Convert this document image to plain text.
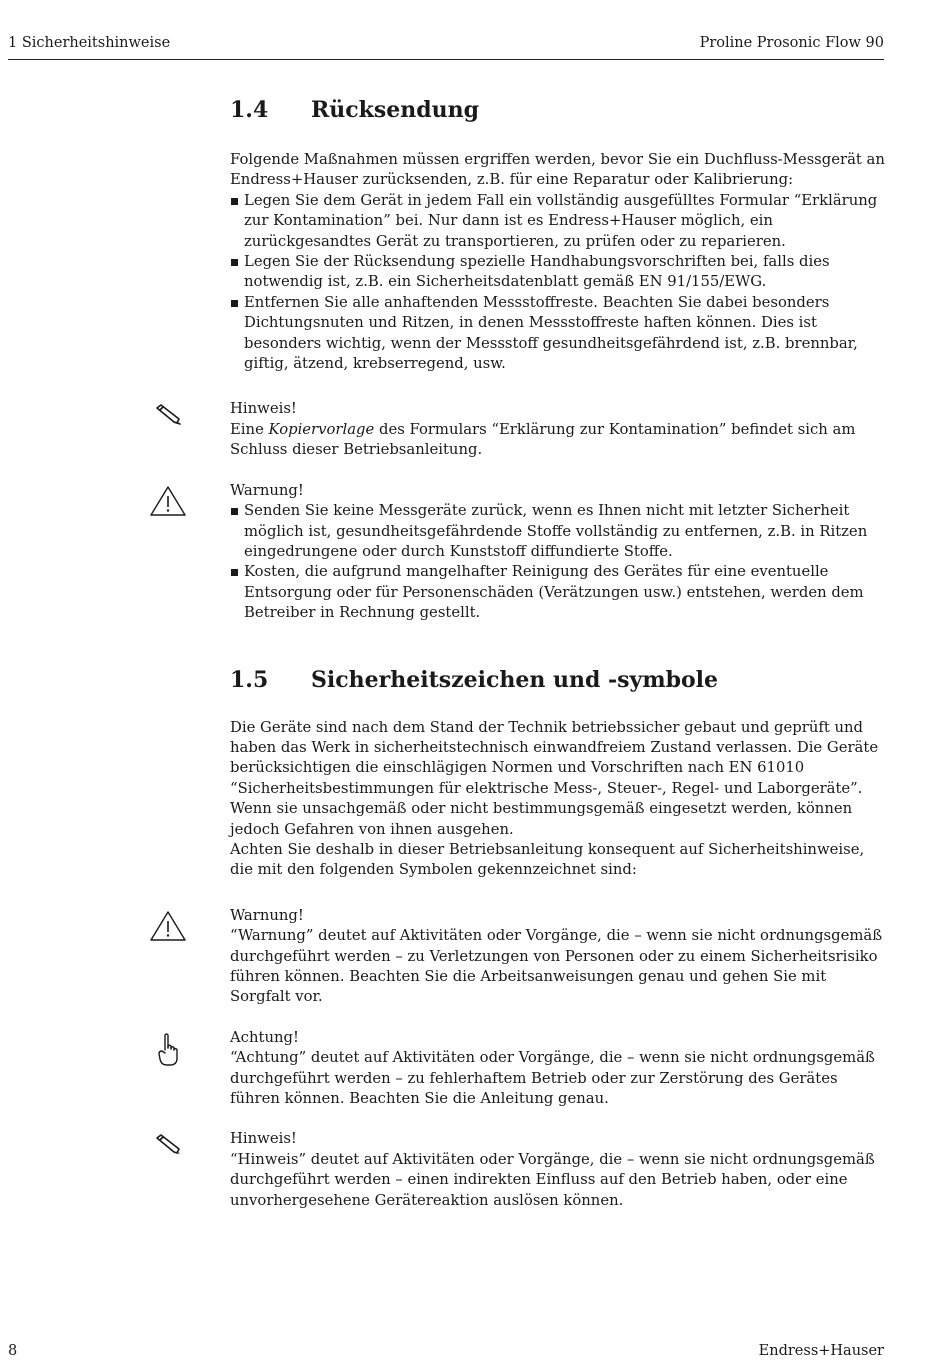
1 Sicherheitshinweise	Proline Prosonic Flow 90
1.4	Rücksendung

Folgende Maßnahmen müssen ergriffen werden, bevor Sie ein Duchfluss-Messgerät an Endress+Hauser zurücksenden, z.B. für eine Reparatur oder Kalibrierung:

Legen Sie dem Gerät in jedem Fall ein vollständig ausgefülltes Formular “Erklärung zur Kontamination” bei. Nur dann ist es Endress+Hauser möglich, ein zurückgesandtes Gerät zu transportieren, zu prüfen oder zu reparieren.
Legen Sie der Rücksendung spezielle Handhabungsvorschriften bei, falls dies notwendig ist, z.B. ein Sicherheitsdatenblatt gemäß EN 91/155/EWG.
Entfernen Sie alle anhaftenden Messstoffreste. Beachten Sie dabei besonders Dichtungsnuten und Ritzen, in denen Messstoffreste haften können. Dies ist besonders wichtig, wenn der Messstoff gesundheitsgefährdend ist, z.B. brennbar, giftig, ätzend, krebserregend, usw.
Hinweis!
Eine Kopiervorlage des Formulars “Erklärung zur Kontamination” befindet sich am Schluss dieser Betriebsanleitung.
Warnung!
Senden Sie keine Messgeräte zurück, wenn es Ihnen nicht mit letzter Sicherheit möglich ist, gesundheitsgefährdende Stoffe vollständig zu entfernen, z.B. in Ritzen eingedrungene oder durch Kunststoff diffundierte Stoffe.
Kosten, die aufgrund mangelhafter Reinigung des Gerätes für eine eventuelle Entsorgung oder für Personenschäden (Verätzungen usw.) entstehen, werden dem Betreiber in Rechnung gestellt.
1.5	Sicherheitszeichen und -symbole

Die Geräte sind nach dem Stand der Technik betriebssicher gebaut und geprüft und haben das Werk in sicherheitstechnisch einwandfreiem Zustand verlassen. Die Geräte berücksichtigen die einschlägigen Normen und Vorschriften nach EN 61010 “Sicherheitsbestimmungen für elektrische Mess-, Steuer-, Regel- und Laborgeräte”. Wenn sie unsachgemäß oder nicht bestimmungsgemäß eingesetzt werden, können jedoch Gefahren von ihnen ausgehen.

Achten Sie deshalb in dieser Betriebsanleitung konsequent auf Sicherheitshinweise, die mit den folgenden Symbolen gekennzeichnet sind:

Warnung!
“Warnung” deutet auf Aktivitäten oder Vorgänge, die – wenn sie nicht ordnungsgemäß durchgeführt werden – zu Verletzungen von Personen oder zu einem Sicherheitsrisiko führen können. Beachten Sie die Arbeitsanweisungen genau und gehen Sie mit Sorgfalt vor.
Achtung!
“Achtung” deutet auf Aktivitäten oder Vorgänge, die – wenn sie nicht ordnungsgemäß durchgeführt werden – zu fehlerhaftem Betrieb oder zur Zerstörung des Gerätes führen können. Beachten Sie die Anleitung genau.
Hinweis!
“Hinweis” deutet auf Aktivitäten oder Vorgänge, die – wenn sie nicht ordnungsgemäß durchgeführt werden – einen indirekten Einfluss auf den Betrieb haben, oder eine unvorhergesehene Gerätereaktion auslösen können.
8	Endress+Hauser
